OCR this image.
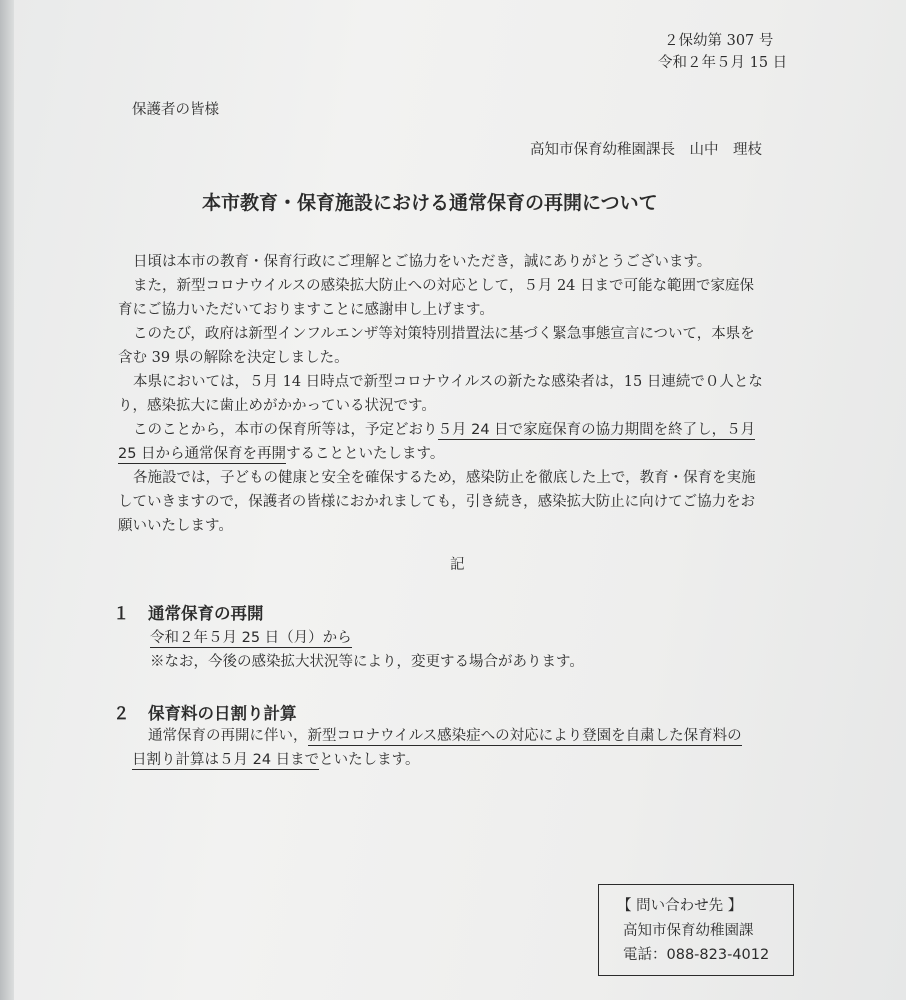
２保幼第 307 号
令和２年５月 15 日
保護者の皆様
高知市保育幼稚園課長　山中　理枝
本市教育・保育施設における通常保育の再開について
日頃は本市の教育・保育行政にご理解とご協力をいただき，誠にありがとうございます。
また，新型コロナウイルスの感染拡大防止への対応として，５月 24 日まで可能な範囲で家庭保
育にご協力いただいておりますことに感謝申し上げます。
このたび，政府は新型インフルエンザ等対策特別措置法に基づく緊急事態宣言について，本県を
含む 39 県の解除を決定しました。
本県においては，５月 14 日時点で新型コロナウイルスの新たな感染者は，15 日連続で０人とな
り，感染拡大に歯止めがかかっている状況です。
このことから，本市の保育所等は，予定どおり５月 24 日で家庭保育の協力期間を終了し，５月
25 日から通常保育を再開することといたします。
各施設では，子どもの健康と安全を確保するため，感染防止を徹底した上で，教育・保育を実施
していきますので，保護者の皆様におかれましても，引き続き，感染拡大防止に向けてご協力をお
願いいたします。
記
１ 通常保育の再開
令和２年５月 25 日（月）から
※なお，今後の感染拡大状況等により，変更する場合があります。
２ 保育料の日割り計算
通常保育の再開に伴い，新型コロナウイルス感染症への対応により登園を自粛した保育料の
日割り計算は５月 24 日までといたします。
【 問い合わせ先 】
高知市保育幼稚園課
電話：088-823-4012
